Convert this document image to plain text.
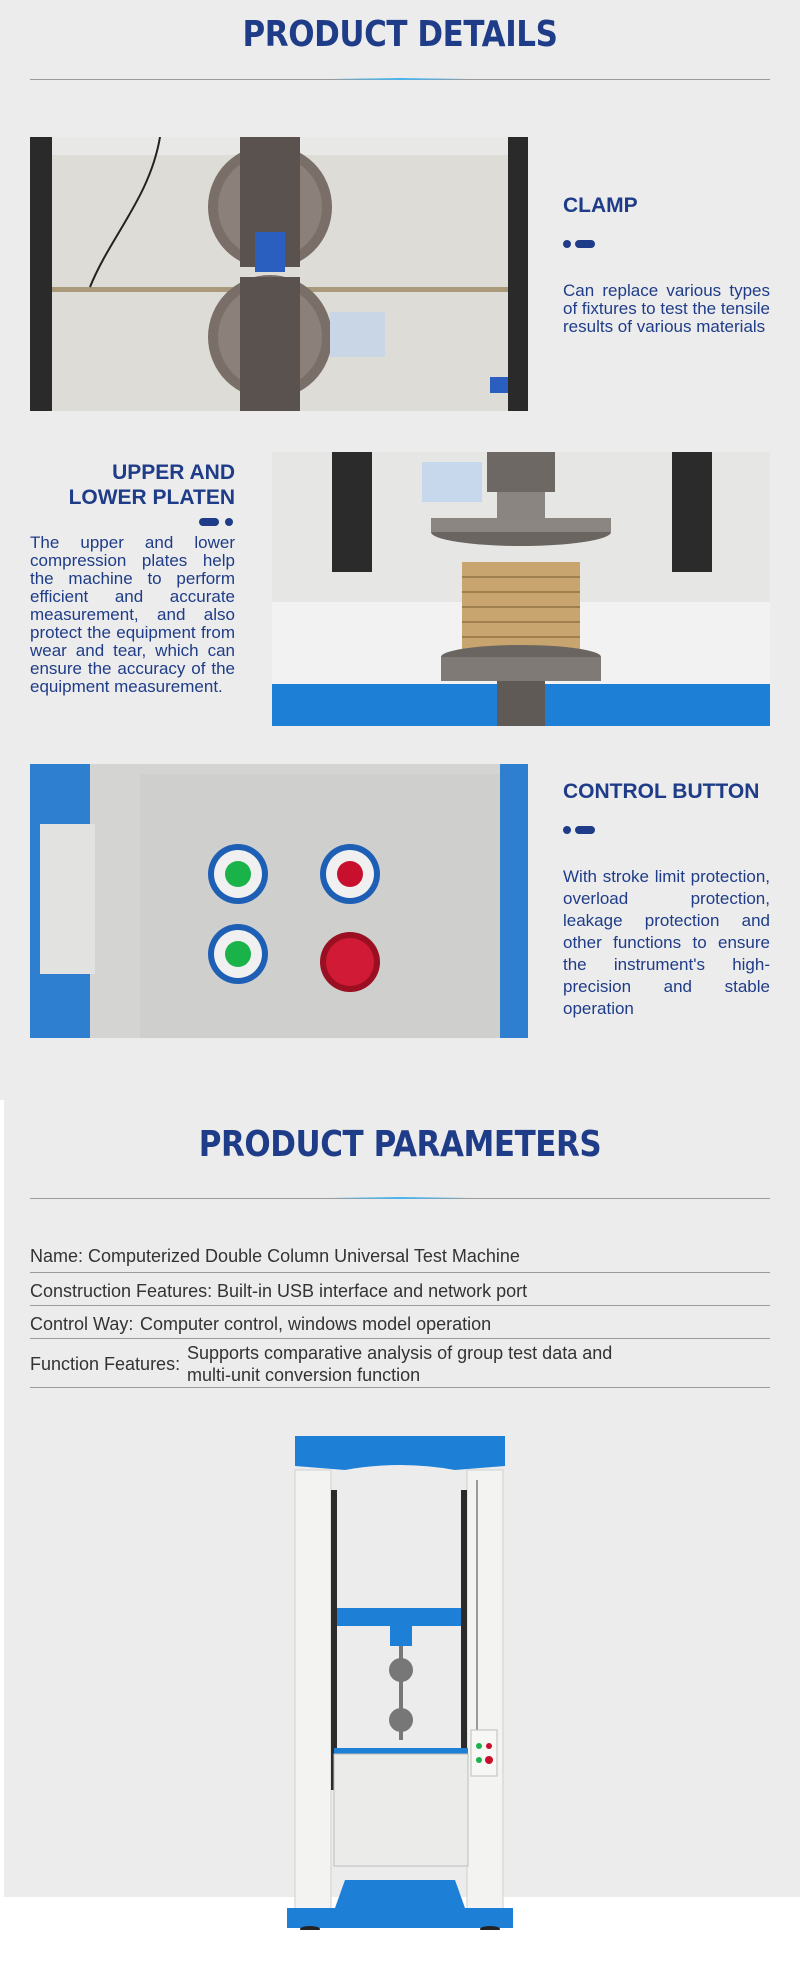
PRODUCT DETAILS
CLAMP
Can replace various types of fixtures to test the tensile results of various materials
UPPER AND
LOWER PLATEN
The upper and lower compression plates help the machine to perform efficient and accurate measurement, and also protect the equipment from wear and tear, which can ensure the accuracy of the equipment measurement.
CONTROL BUTTON
With stroke limit protection, overload protection, leakage protection and other functions to ensure the instrument's high-precision and stable operation
PRODUCT PARAMETERS
Name: Computerized Double Column Universal Test Machine
Construction Features: Built-in USB interface and network port
Control Way: Computer control, windows model operation
Function Features:
Supports comparative analysis of group test data and
multi-unit conversion function
